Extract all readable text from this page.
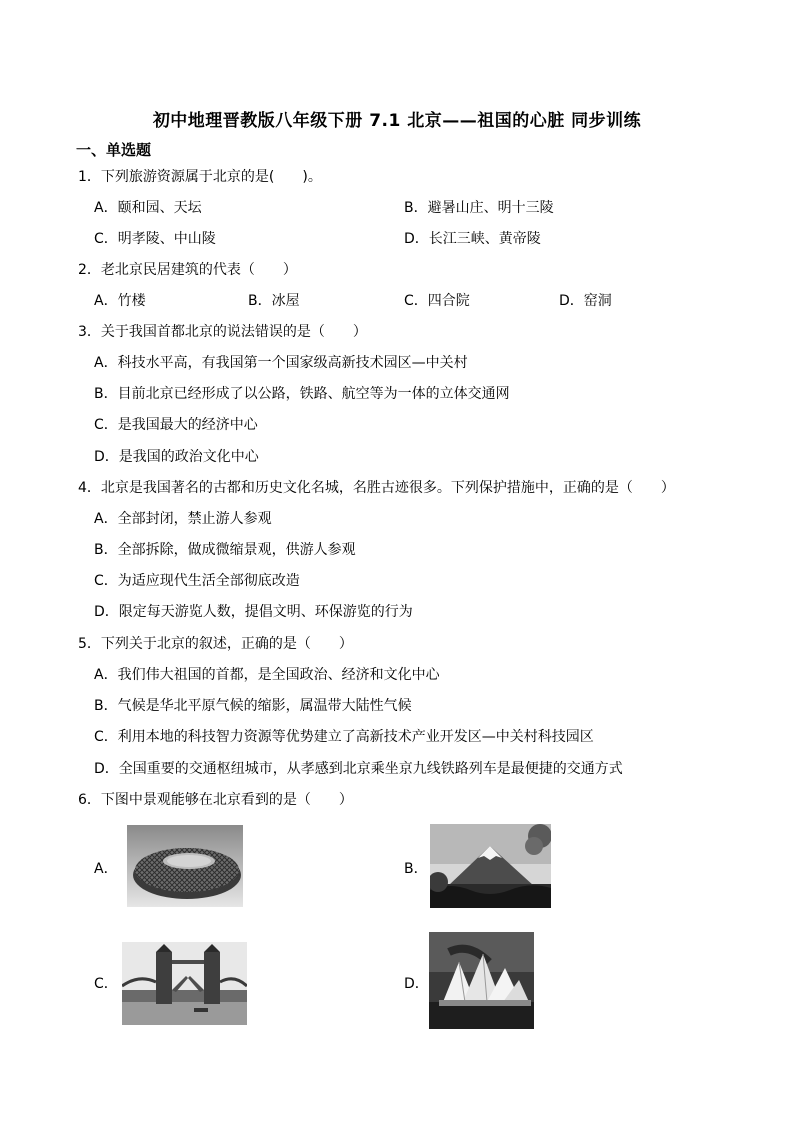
初中地理晋教版八年级下册 7.1 北京——祖国的心脏 同步训练
一、单选题
1．下列旅游资源属于北京的是(　　)。
A．颐和园、天坛	B．避暑山庄、明十三陵
C．明孝陵、中山陵	D．长江三峡、黄帝陵
2．老北京民居建筑的代表（　　）
A．竹楼	B．冰屋	C．四合院	D．窑洞
3．关于我国首都北京的说法错误的是（　　）
A．科技水平高，有我国第一个国家级高新技术园区—中关村
B．目前北京已经形成了以公路，铁路、航空等为一体的立体交通网
C．是我国最大的经济中心
D．是我国的政治文化中心
4．北京是我国著名的古都和历史文化名城，名胜古迹很多。下列保护措施中，正确的是（　　）
A．全部封闭，禁止游人参观
B．全部拆除，做成微缩景观，供游人参观
C．为适应现代生活全部彻底改造
D．限定每天游览人数，提倡文明、环保游览的行为
5．下列关于北京的叙述，正确的是（　　）
A．我们伟大祖国的首都，是全国政治、经济和文化中心
B．气候是华北平原气候的缩影，属温带大陆性气候
C．利用本地的科技智力资源等优势建立了高新技术产业开发区—中关村科技园区
D．全国重要的交通枢纽城市，从孝感到北京乘坐京九线铁路列车是最便捷的交通方式
6．下图中景观能够在北京看到的是（　　）
A．	B．
C．	D．
